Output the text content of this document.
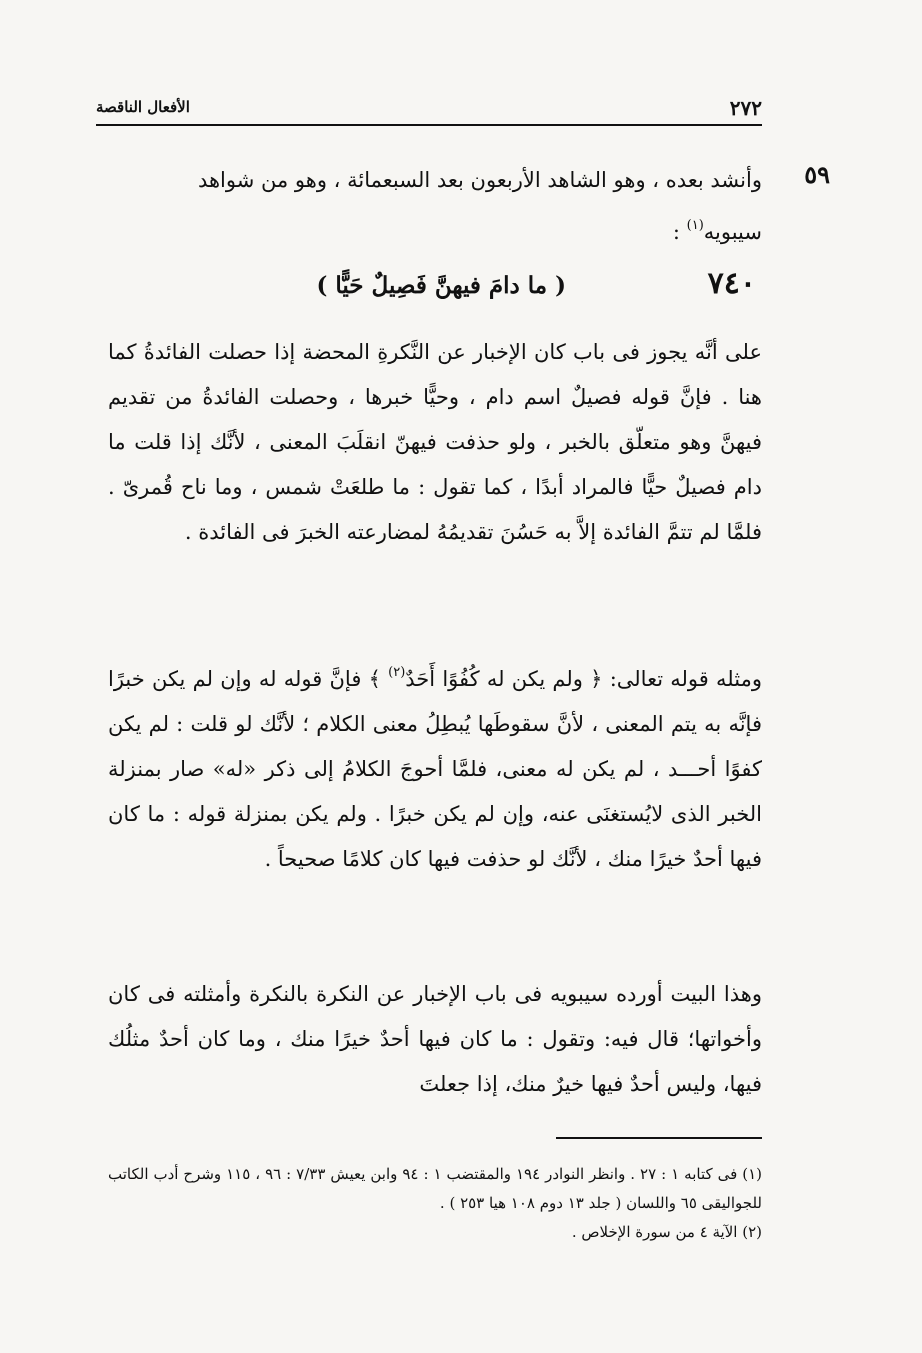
٢٧٢
الأفعال الناقصة
٥٩
وأنشد بعده ، وهو الشاهد الأربعون بعد السبعمائة ، وهو من شواهد
سيبويه$^{(١)}$ :
٧٤٠
( ما دامَ فيهنَّ فَصِيلٌ حَيًّا )
على أنَّه يجوز فى باب كان الإخبار عن النَّكرةِ المحضة إذا حصلت الفائدةُ كما هنا . فإنَّ قوله فصيلٌ اسم دام ، وحيًّا خبرها ، وحصلت الفائدةُ من تقديم فيهنَّ وهو متعلّق بالخبر ، ولو حذفت فيهنّ انقلَبَ المعنى ، لأنَّك إذا قلت ما دام فصيلٌ حيًّا فالمراد أبدًا ، كما تقول : ما طلعَتْ شمس ، وما ناح قُمرىّ . فلمَّا لم تتمَّ الفائدة إلاَّ به حَسُنَ تقديمُهُ لمضارعته الخبرَ فى الفائدة .
ومثله قوله تعالى: ﴿ ولم يكن له كُفُوًا أَحَدٌ$^{(٢)}$ ﴾ فإنَّ قوله له وإن لم يكن خبرًا فإنَّه به يتم المعنى ، لأنَّ سقوطَها يُبطِلُ معنى الكلام ؛ لأنَّك لو قلت : لم يكن كفوًا أحـــد ، لم يكن له معنى، فلمَّا أحوجَ الكلامُ إلى ذكر «له» صار بمنزلة الخبر الذى لايُستغنَى عنه، وإن لم يكن خبرًا . ولم يكن بمنزلة قوله : ما كان فيها أحدٌ خيرًا منك ، لأنَّك لو حذفت فيها كان كلامًا صحيحاً .
وهذا البيت أورده سيبويه فى باب الإخبار عن النكرة بالنكرة وأمثلته فى كان وأخواتها؛ قال فيه: وتقول : ما كان فيها أحدٌ خيرًا منك ، وما كان أحدٌ مثلُك فيها، وليس أحدٌ فيها خيرٌ منك، إذا جعلتَ

(١) فى كتابه ١ : ٢٧ . وانظر النوادر ١٩٤ والمقتضب ١ : ٩٤ وابن يعيش ٧/٣٣ : ٩٦ ، ١١٥ وشرح أدب الكاتب للجواليقى ٦٥ واللسان ( جلد ١٣ دوم ١٠٨ هيا ٢٥٣ ) .

(٢) الآية ٤ من سورة الإخلاص .
